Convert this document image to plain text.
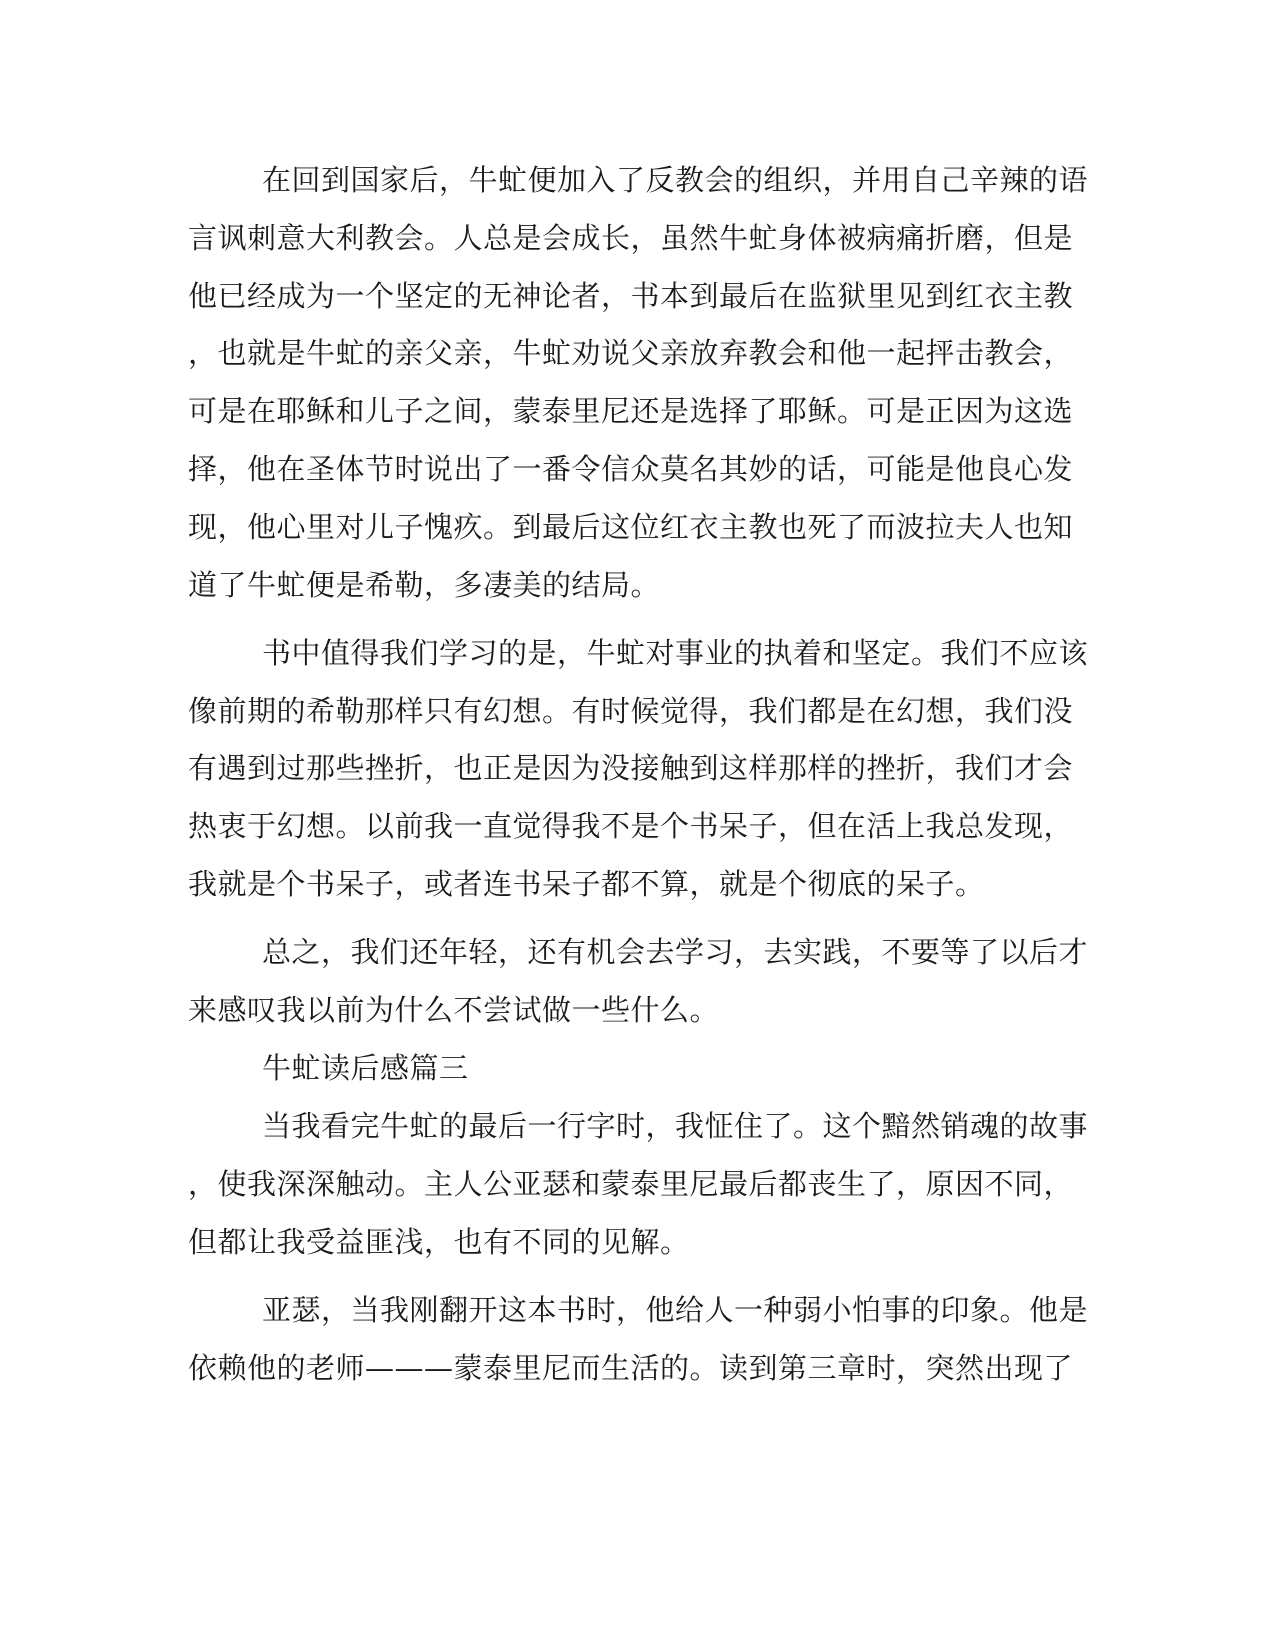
在回到国家后，牛虻便加入了反教会的组织，并用自己辛辣的语
言讽刺意大利教会。人总是会成长，虽然牛虻身体被病痛折磨，但是
他已经成为一个坚定的无神论者，书本到最后在监狱里见到红衣主教
，也就是牛虻的亲父亲，牛虻劝说父亲放弃教会和他一起抨击教会，
可是在耶稣和儿子之间，蒙泰里尼还是选择了耶稣。可是正因为这选
择，他在圣体节时说出了一番令信众莫名其妙的话，可能是他良心发
现，他心里对儿子愧疚。到最后这位红衣主教也死了而波拉夫人也知
道了牛虻便是希勒，多凄美的结局。
书中值得我们学习的是，牛虻对事业的执着和坚定。我们不应该
像前期的希勒那样只有幻想。有时候觉得，我们都是在幻想，我们没
有遇到过那些挫折，也正是因为没接触到这样那样的挫折，我们才会
热衷于幻想。以前我一直觉得我不是个书呆子，但在活上我总发现，
我就是个书呆子，或者连书呆子都不算，就是个彻底的呆子。
总之，我们还年轻，还有机会去学习，去实践，不要等了以后才
来感叹我以前为什么不尝试做一些什么。
牛虻读后感篇三
当我看完牛虻的最后一行字时，我怔住了。这个黯然销魂的故事
，使我深深触动。主人公亚瑟和蒙泰里尼最后都丧生了，原因不同，
但都让我受益匪浅，也有不同的见解。
亚瑟，当我刚翻开这本书时，他给人一种弱小怕事的印象。他是
依赖他的老师———蒙泰里尼而生活的。读到第三章时，突然出现了
